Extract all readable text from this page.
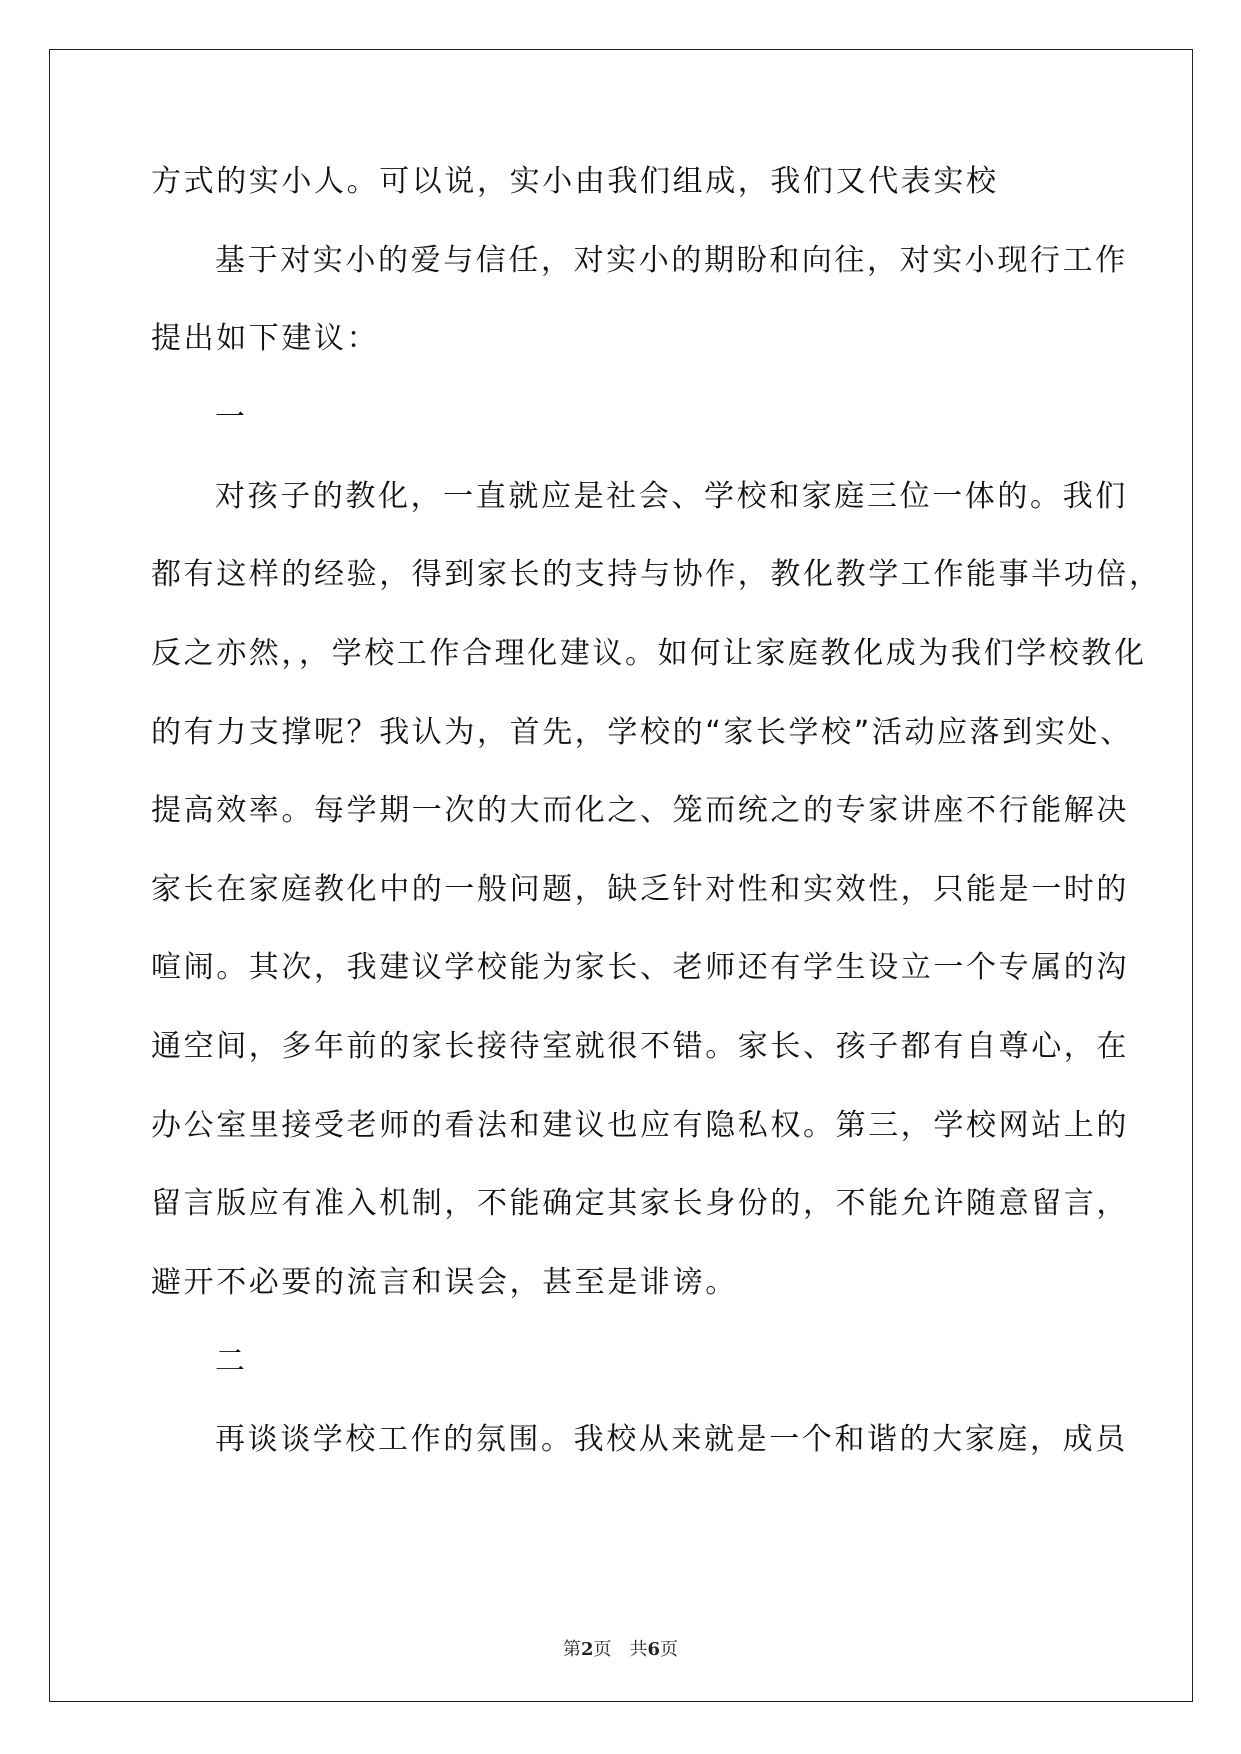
方式的实小人。可以说，实小由我们组成，我们又代表实校
基于对实小的爱与信任，对实小的期盼和向往，对实小现行工作
提出如下建议：
一
对孩子的教化，一直就应是社会、学校和家庭三位一体的。我们
都有这样的经验，得到家长的支持与协作，教化教学工作能事半功倍，
反之亦然，，学校工作合理化建议。如何让家庭教化成为我们学校教化
的有力支撑呢？我认为，首先，学校的“家长学校”活动应落到实处、
提高效率。每学期一次的大而化之、笼而统之的专家讲座不行能解决
家长在家庭教化中的一般问题，缺乏针对性和实效性，只能是一时的
喧闹。其次，我建议学校能为家长、老师还有学生设立一个专属的沟
通空间，多年前的家长接待室就很不错。家长、孩子都有自尊心，在
办公室里接受老师的看法和建议也应有隐私权。第三，学校网站上的
留言版应有准入机制，不能确定其家长身份的，不能允许随意留言，
避开不必要的流言和误会，甚至是诽谤。
二
再谈谈学校工作的氛围。我校从来就是一个和谐的大家庭，成员
第2页　共6页
